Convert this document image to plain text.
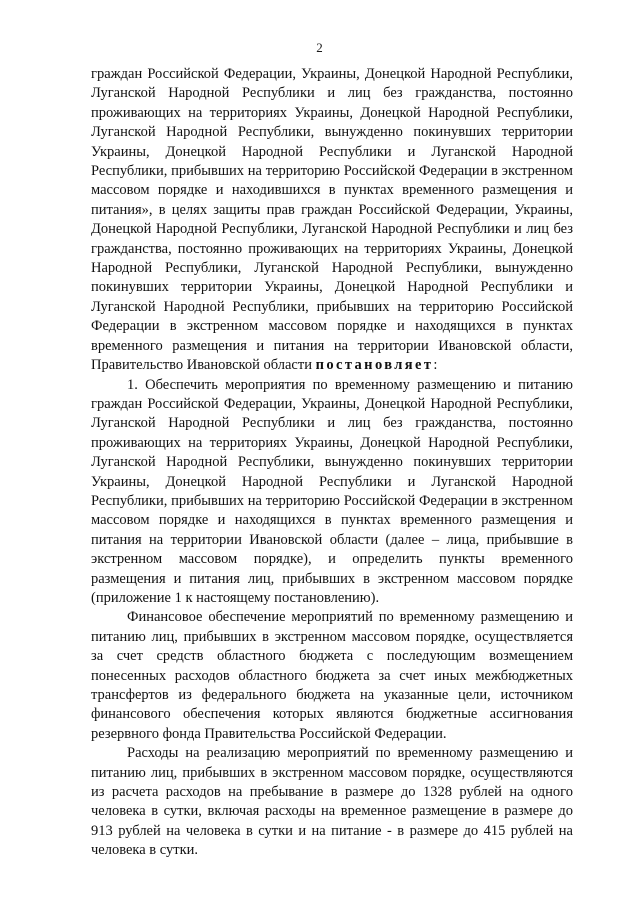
2

граждан Российской Федерации, Украины, Донецкой Народной Республики, Луганской Народной Республики и лиц без гражданства, постоянно проживающих на территориях Украины, Донецкой Народной Республики, Луганской Народной Республики, вынужденно покинувших территории Украины, Донецкой Народной Республики и Луганской Народной Республики, прибывших на территорию Российской Федерации в экстренном массовом порядке и находившихся в пунктах временного размещения и питания», в целях защиты прав граждан Российской Федерации, Украины, Донецкой Народной Республики, Луганской Народной Республики и лиц без гражданства, постоянно проживающих на территориях Украины, Донецкой Народной Республики, Луганской Народной Республики, вынужденно покинувших территории Украины, Донецкой Народной Республики и Луганской Народной Республики, прибывших на территорию Российской Федерации в экстренном массовом порядке и находящихся в пунктах временного размещения и питания на территории Ивановской области, Правительство Ивановской области постановляет:

1. Обеспечить мероприятия по временному размещению и питанию граждан Российской Федерации, Украины, Донецкой Народной Республики, Луганской Народной Республики и лиц без гражданства, постоянно проживающих на территориях Украины, Донецкой Народной Республики, Луганской Народной Республики, вынужденно покинувших территории Украины, Донецкой Народной Республики и Луганской Народной Республики, прибывших на территорию Российской Федерации в экстренном массовом порядке и находящихся в пунктах временного размещения и питания на территории Ивановской области (далее – лица, прибывшие в экстренном массовом порядке), и определить пункты временного размещения и питания лиц, прибывших в экстренном массовом порядке (приложение 1 к настоящему постановлению).

Финансовое обеспечение мероприятий по временному размещению и питанию лиц, прибывших в экстренном массовом порядке, осуществляется за счет средств областного бюджета с последующим возмещением понесенных расходов областного бюджета за счет иных межбюджетных трансфертов из федерального бюджета на указанные цели, источником финансового обеспечения которых являются бюджетные ассигнования резервного фонда Правительства Российской Федерации.

Расходы на реализацию мероприятий по временному размещению и питанию лиц, прибывших в экстренном массовом порядке, осуществляются из расчета расходов на пребывание в размере до 1328 рублей на одного человека в сутки, включая расходы на временное размещение в размере до 913 рублей на человека в сутки и на питание - в размере до 415 рублей на человека в сутки.
